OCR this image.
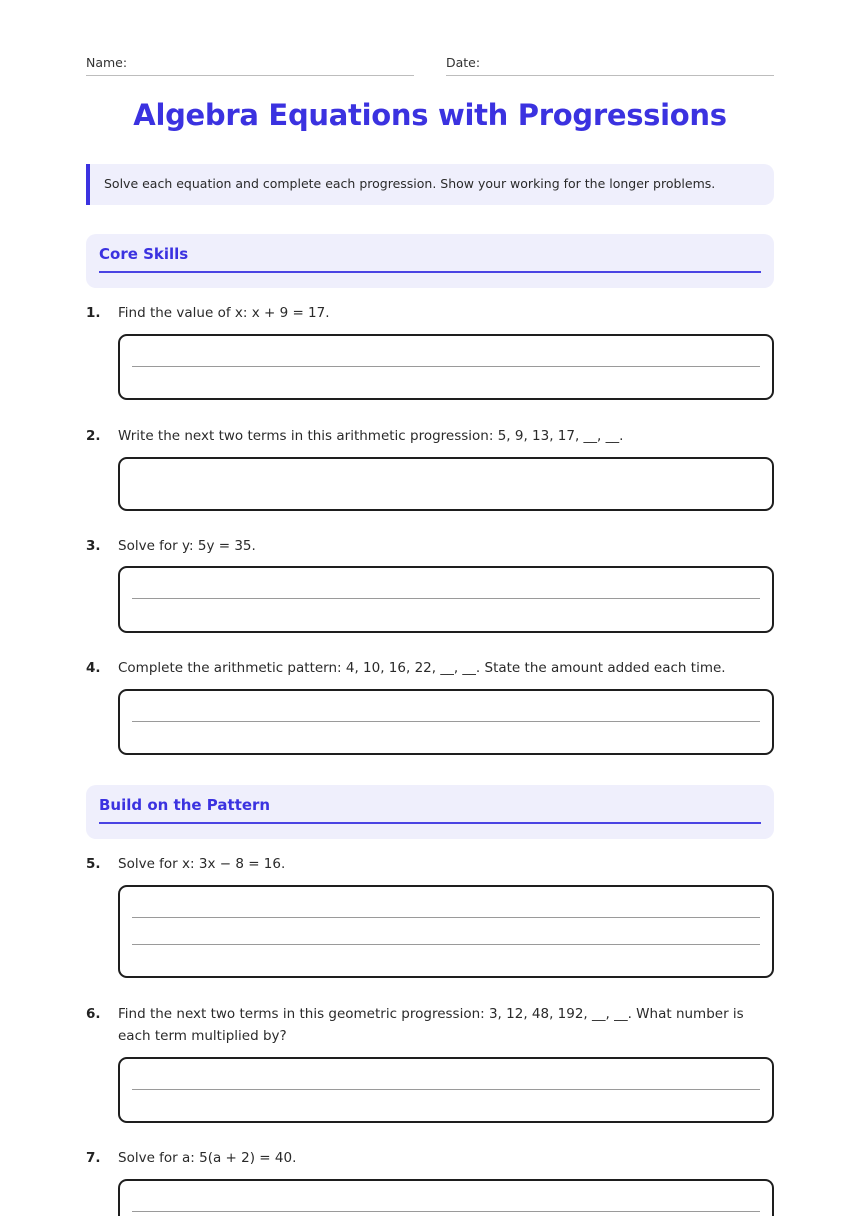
Name:	Date:
Algebra Equations with Progressions
Solve each equation and complete each progression. Show your working for the longer problems.
Core Skills
1. Find the value of x: x + 9 = 17.
2. Write the next two terms in this arithmetic progression: 5, 9, 13, 17, __, __.
3. Solve for y: 5y = 35.
4. Complete the arithmetic pattern: 4, 10, 16, 22, __, __. State the amount added each time.
Build on the Pattern
5. Solve for x: 3x − 8 = 16.
6. Find the next two terms in this geometric progression: 3, 12, 48, 192, __, __. What number is each term multiplied by?
7. Solve for a: 5(a + 2) = 40.
